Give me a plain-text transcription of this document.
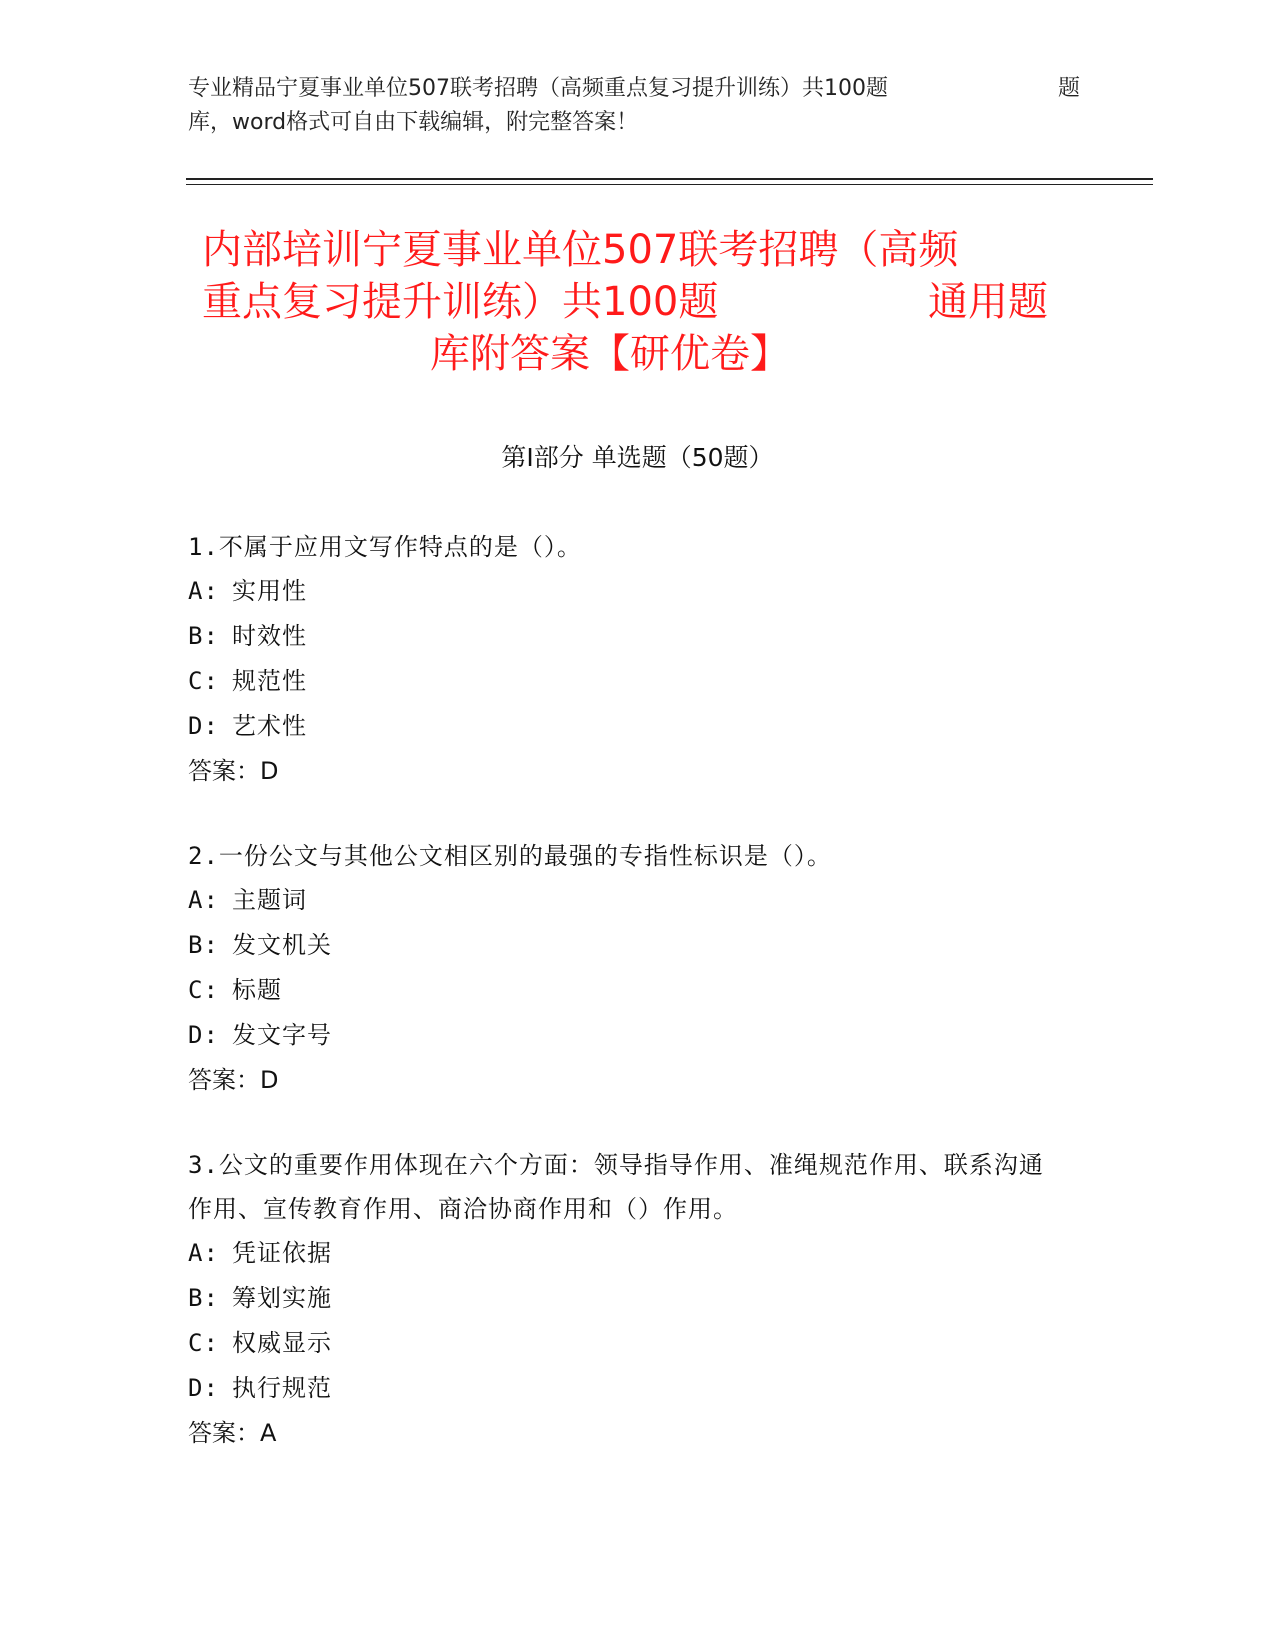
专业精品宁夏事业单位507联考招聘（高频重点复习提升训练）共100题	题
库，word格式可自由下载编辑，附完整答案！
内部培训宁夏事业单位507联考招聘（高频
重点复习提升训练）共100题	通用题
库附答案【研优卷】
第Ⅰ部分 单选题（50题）
1.不属于应用文写作特点的是（）。
A: 实用性
B: 时效性
C: 规范性
D: 艺术性
答案：D
2.一份公文与其他公文相区别的最强的专指性标识是（）。
A: 主题词
B: 发文机关
C: 标题
D: 发文字号
答案：D
3.公文的重要作用体现在六个方面：领导指导作用、准绳规范作用、联系沟通作用、宣传教育作用、商洽协商作用和（）作用。
A: 凭证依据
B: 筹划实施
C: 权威显示
D: 执行规范
答案：A
